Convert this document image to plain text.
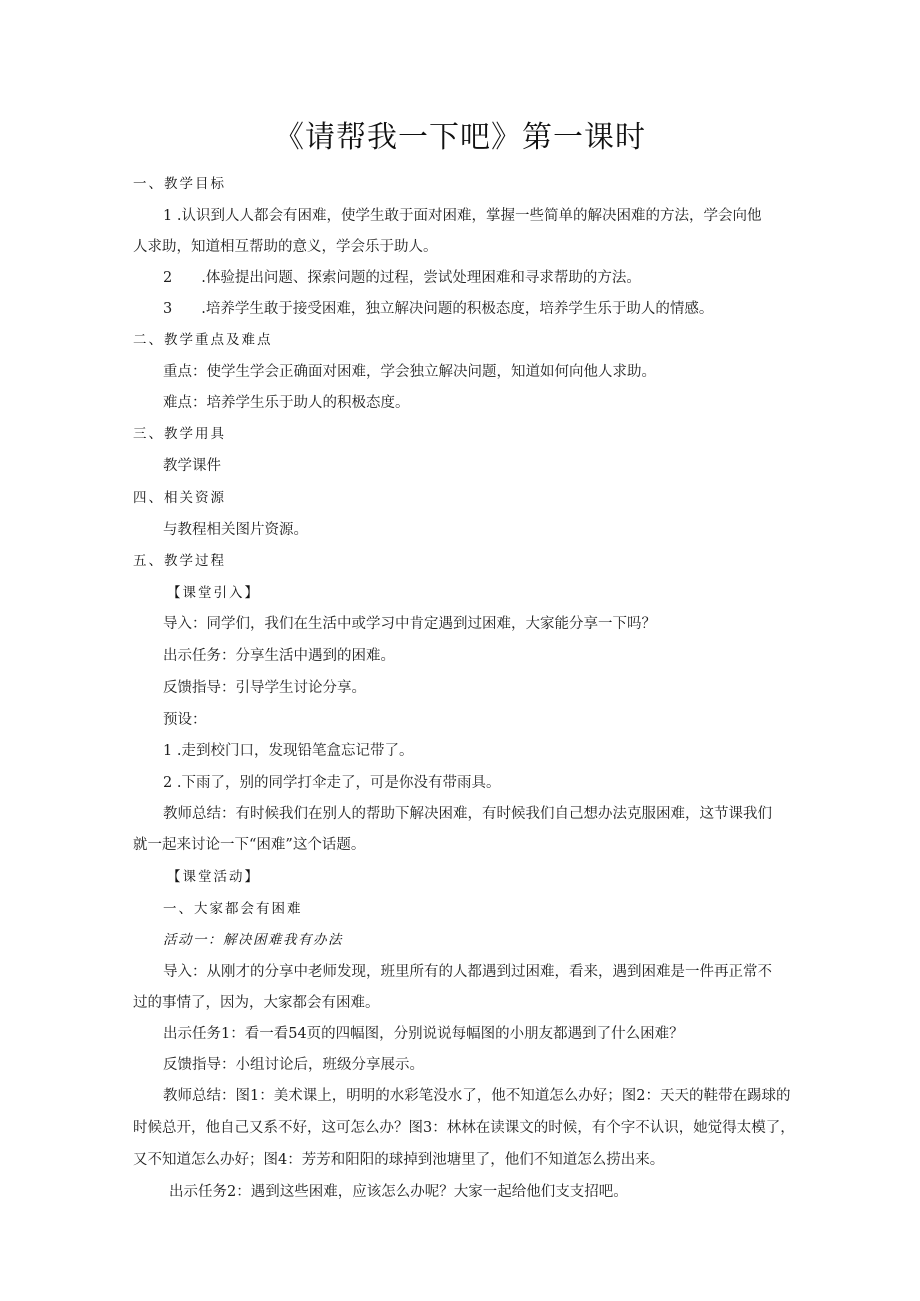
《请帮我一下吧》第一课时
一、教学目标
1 .认识到人人都会有困难，使学生敢于面对困难，掌握一些简单的解决困难的方法，学会向他
人求助，知道相互帮助的意义，学会乐于助人。
2　　.体验提出问题、探索问题的过程，尝试处理困难和寻求帮助的方法。
3　　.培养学生敢于接受困难，独立解决问题的积极态度，培养学生乐于助人的情感。
二、教学重点及难点
重点：使学生学会正确面对困难，学会独立解决问题，知道如何向他人求助。
难点：培养学生乐于助人的积极态度。
三、教学用具
教学课件
四、相关资源
与教程相关图片资源。
五、教学过程
【课堂引入】
导入：同学们，我们在生活中或学习中肯定遇到过困难，大家能分享一下吗？
出示任务：分享生活中遇到的困难。
反馈指导：引导学生讨论分享。
预设：
1 .走到校门口，发现铅笔盒忘记带了。
2 .下雨了，别的同学打伞走了，可是你没有带雨具。
教师总结：有时候我们在别人的帮助下解决困难，有时候我们自己想办法克服困难，这节课我们
就一起来讨论一下“困难”这个话题。
【课堂活动】
一、大家都会有困难
活动一：解决困难我有办法
导入：从刚才的分享中老师发现，班里所有的人都遇到过困难，看来，遇到困难是一件再正常不
过的事情了，因为，大家都会有困难。
出示任务1：看一看54页的四幅图，分别说说每幅图的小朋友都遇到了什么困难？
反馈指导：小组讨论后，班级分享展示。
教师总结：图1：美术课上，明明的水彩笔没水了，他不知道怎么办好；图2：天天的鞋带在踢球的
时候总开，他自己又系不好，这可怎么办？图3：林林在读课文的时候，有个字不认识，她觉得太模了，
又不知道怎么办好；图4：芳芳和阳阳的球掉到池塘里了，他们不知道怎么捞出来。
出示任务2：遇到这些困难，应该怎么办呢？大家一起给他们支支招吧。
